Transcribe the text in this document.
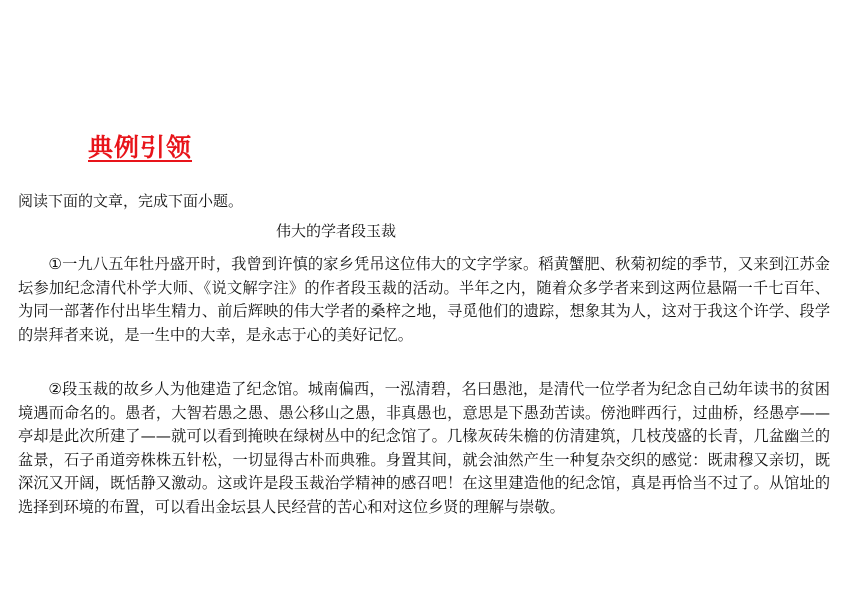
典例引领

阅读下面的文章，完成下面小题。

伟大的学者段玉裁

①一九八五年牡丹盛开时，我曾到许慎的家乡凭吊这位伟大的文字学家。稻黄蟹肥、秋菊初绽的季节，又来到江苏金坛参加纪念清代朴学大师、《说文解字注》的作者段玉裁的活动。半年之内，随着众多学者来到这两位悬隔一千七百年、为同一部著作付出毕生精力、前后辉映的伟大学者的桑梓之地，寻觅他们的遗踪，想象其为人，这对于我这个许学、段学的崇拜者来说，是一生中的大幸，是永志于心的美好记忆。

②段玉裁的故乡人为他建造了纪念馆。城南偏西，一泓清碧，名曰愚池，是清代一位学者为纪念自己幼年读书的贫困境遇而命名的。愚者，大智若愚之愚、愚公移山之愚，非真愚也，意思是下愚劲苦读。傍池畔西行，过曲桥，经愚亭——亭却是此次所建了——就可以看到掩映在绿树丛中的纪念馆了。几椽灰砖朱檐的仿清建筑，几枝茂盛的长青，几盆幽兰的盆景，石子甬道旁株株五针松，一切显得古朴而典雅。身置其间，就会油然产生一种复杂交织的感觉：既肃穆又亲切，既深沉又开阔，既恬静又激动。这或许是段玉裁治学精神的感召吧！在这里建造他的纪念馆，真是再恰当不过了。从馆址的选择到环境的布置，可以看出金坛县人民经营的苦心和对这位乡贤的理解与崇敬。
